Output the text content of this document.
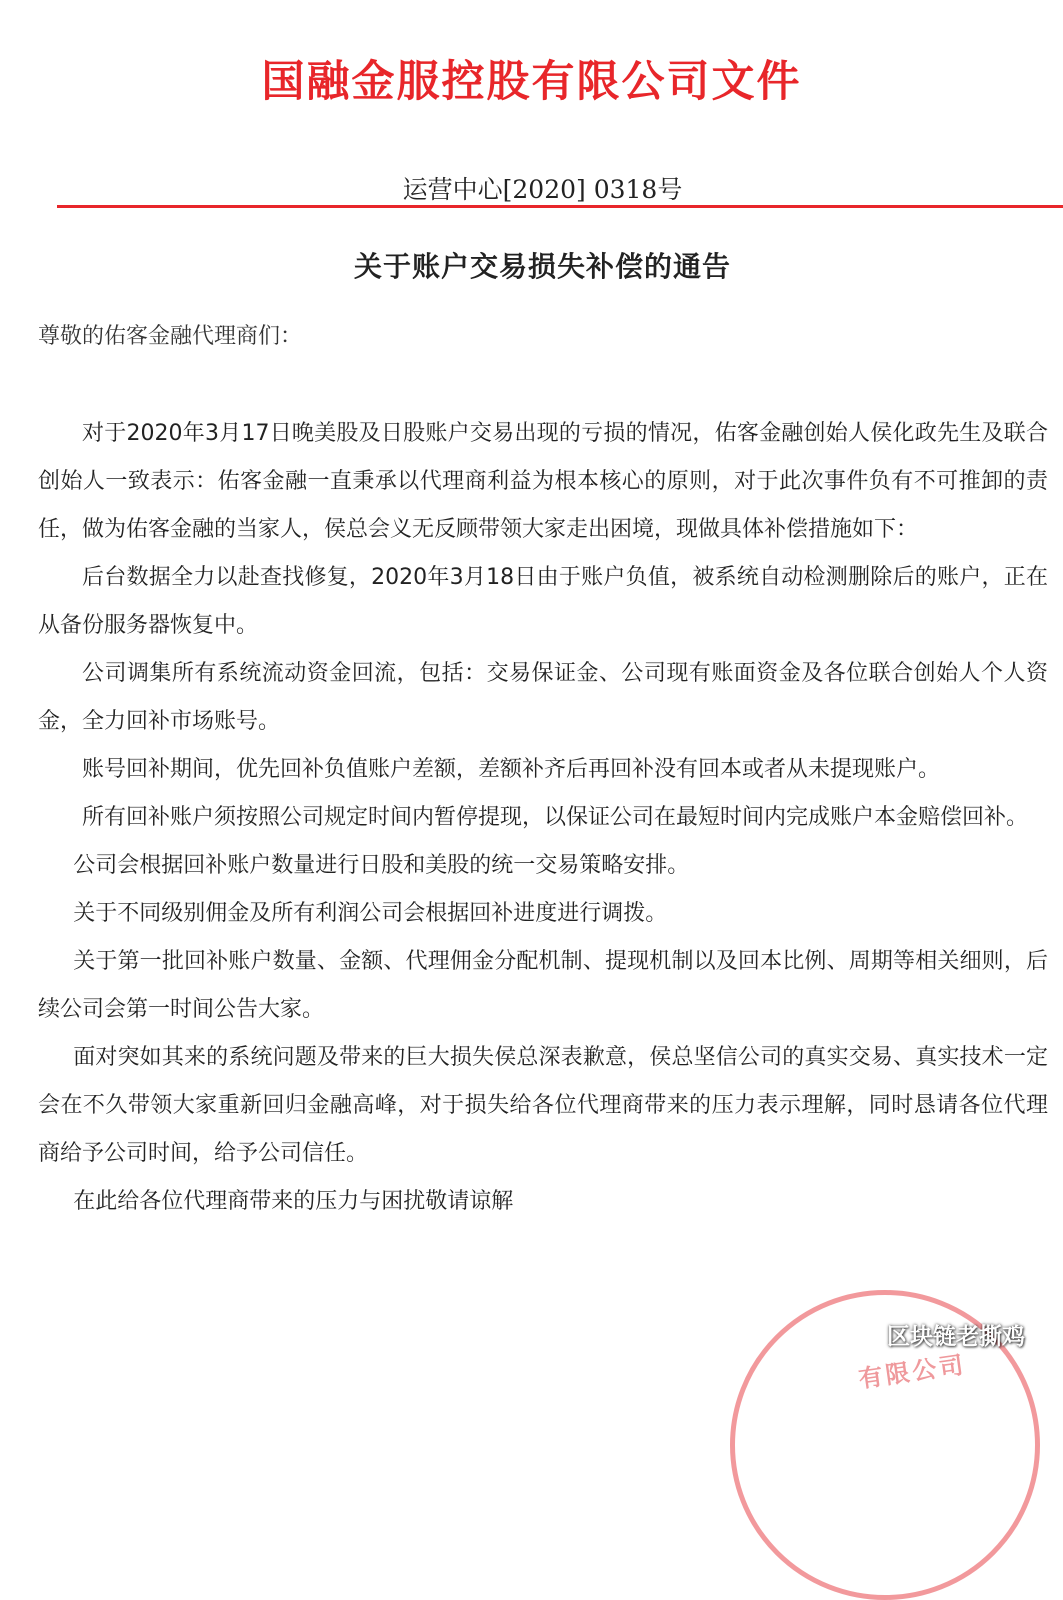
国融金服控股有限公司文件
运营中心[2020] 0318号
关于账户交易损失补偿的通告
尊敬的佑客金融代理商们：

对于2020年3月17日晚美股及日股账户交易出现的亏损的情况，佑客金融创始人侯化政先生及联合创始人一致表示：佑客金融一直秉承以代理商利益为根本核心的原则，对于此次事件负有不可推卸的责任，做为佑客金融的当家人，侯总会义无反顾带领大家走出困境，现做具体补偿措施如下：

后台数据全力以赴查找修复，2020年3月18日由于账户负值，被系统自动检测删除后的账户，正在从备份服务器恢复中。

公司调集所有系统流动资金回流，包括：交易保证金、公司现有账面资金及各位联合创始人个人资金，全力回补市场账号。

账号回补期间，优先回补负值账户差额，差额补齐后再回补没有回本或者从未提现账户。

所有回补账户须按照公司规定时间内暂停提现，以保证公司在最短时间内完成账户本金赔偿回补。

公司会根据回补账户数量进行日股和美股的统一交易策略安排。

关于不同级别佣金及所有利润公司会根据回补进度进行调拨。

关于第一批回补账户数量、金额、代理佣金分配机制、提现机制以及回本比例、周期等相关细则，后续公司会第一时间公告大家。

面对突如其来的系统问题及带来的巨大损失侯总深表歉意，侯总坚信公司的真实交易、真实技术一定会在不久带领大家重新回归金融高峰，对于损失给各位代理商带来的压力表示理解，同时恳请各位代理商给予公司时间，给予公司信任。

在此给各位代理商带来的压力与困扰敬请谅解

有限公司
区块链老撕鸡
